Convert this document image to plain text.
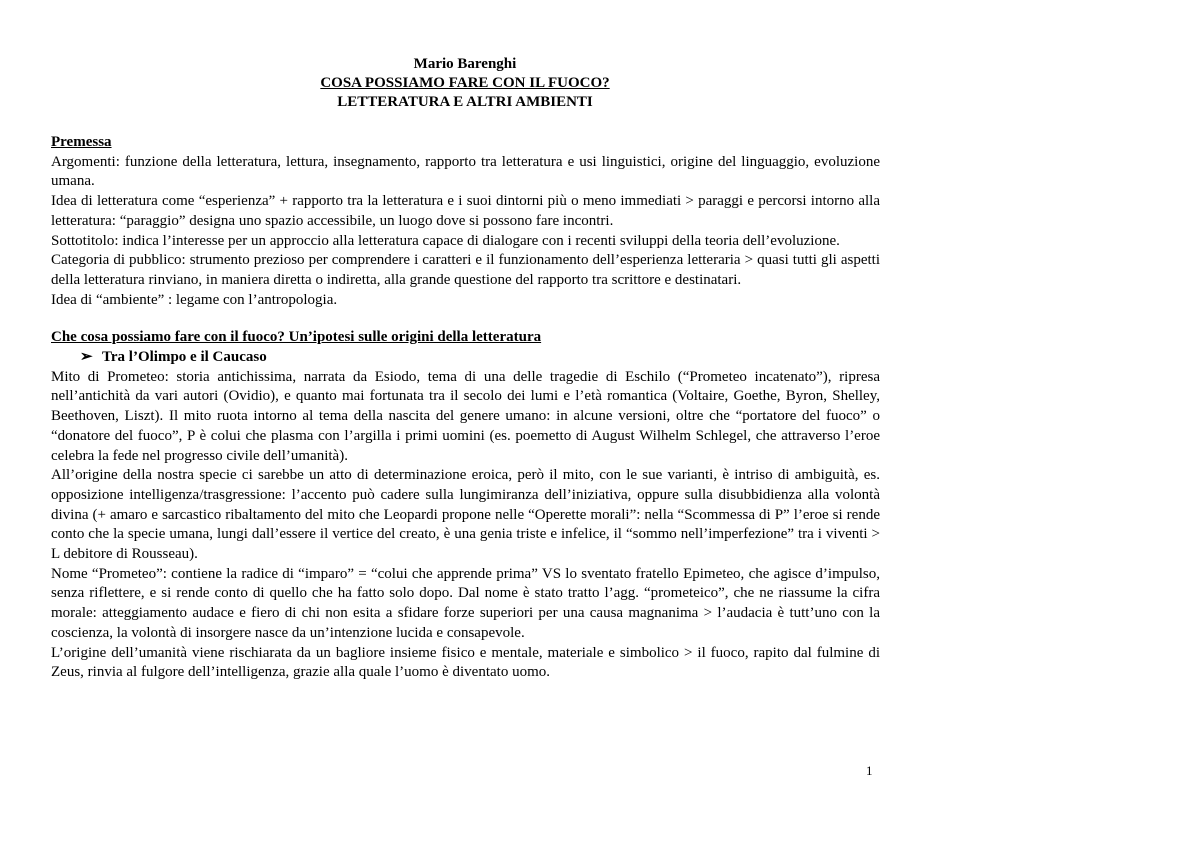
Mario Barenghi
COSA POSSIAMO FARE CON IL FUOCO?
LETTERATURA E ALTRI AMBIENTI
Premessa

Argomenti: funzione della letteratura, lettura, insegnamento, rapporto tra letteratura e usi linguistici, origine del linguaggio, evoluzione umana.

Idea di letteratura come “esperienza” + rapporto tra la letteratura e i suoi dintorni più o meno immediati > paraggi e percorsi intorno alla letteratura: “paraggio” designa uno spazio accessibile, un luogo dove si possono fare incontri.

Sottotitolo: indica l’interesse per un approccio alla letteratura capace di dialogare con i recenti sviluppi della teoria dell’evoluzione.

Categoria di pubblico: strumento prezioso per comprendere i caratteri e il funzionamento dell’esperienza letteraria > quasi tutti gli aspetti della letteratura rinviano, in maniera diretta o indiretta, alla grande questione del rapporto tra scrittore e destinatari.

Idea di “ambiente” : legame con l’antropologia.

Che cosa possiamo fare con il fuoco? Un’ipotesi sulle origini della letteratura
➢ Tra l’Olimpo e il Caucaso

Mito di Prometeo: storia antichissima, narrata da Esiodo, tema di una delle tragedie di Eschilo (“Prometeo incatenato”), ripresa nell’antichità da vari autori (Ovidio), e quanto mai fortunata tra il secolo dei lumi e l’età romantica (Voltaire, Goethe, Byron, Shelley, Beethoven, Liszt). Il mito ruota intorno al tema della nascita del genere umano: in alcune versioni, oltre che “portatore del fuoco” o “donatore del fuoco”, P è colui che plasma con l’argilla i primi uomini (es. poemetto di August Wilhelm Schlegel, che attraverso l’eroe celebra la fede nel progresso civile dell’umanità).

All’origine della nostra specie ci sarebbe un atto di determinazione eroica, però il mito, con le sue varianti, è intriso di ambiguità, es. opposizione intelligenza/trasgressione: l’accento può cadere sulla lungimiranza dell’iniziativa, oppure sulla disubbidienza alla volontà divina (+ amaro e sarcastico ribaltamento del mito che Leopardi propone nelle “Operette morali”: nella “Scommessa di P” l’eroe si rende conto che la specie umana, lungi dall’essere il vertice del creato, è una genia triste e infelice, il “sommo nell’imperfezione” tra i viventi > L debitore di Rousseau).

Nome “Prometeo”: contiene la radice di “imparo” = “colui che apprende prima” VS lo sventato fratello Epimeteo, che agisce d’impulso, senza riflettere, e si rende conto di quello che ha fatto solo dopo. Dal nome è stato tratto l’agg. “prometeico”, che ne riassume la cifra morale: atteggiamento audace e fiero di chi non esita a sfidare forze superiori per una causa magnanima > l’audacia è tutt’uno con la coscienza, la volontà di insorgere nasce da un’intenzione lucida e consapevole.

L’origine dell’umanità viene rischiarata da un bagliore insieme fisico e mentale, materiale e simbolico > il fuoco, rapito dal fulmine di Zeus, rinvia al fulgore dell’intelligenza, grazie alla quale l’uomo è diventato uomo.

1
